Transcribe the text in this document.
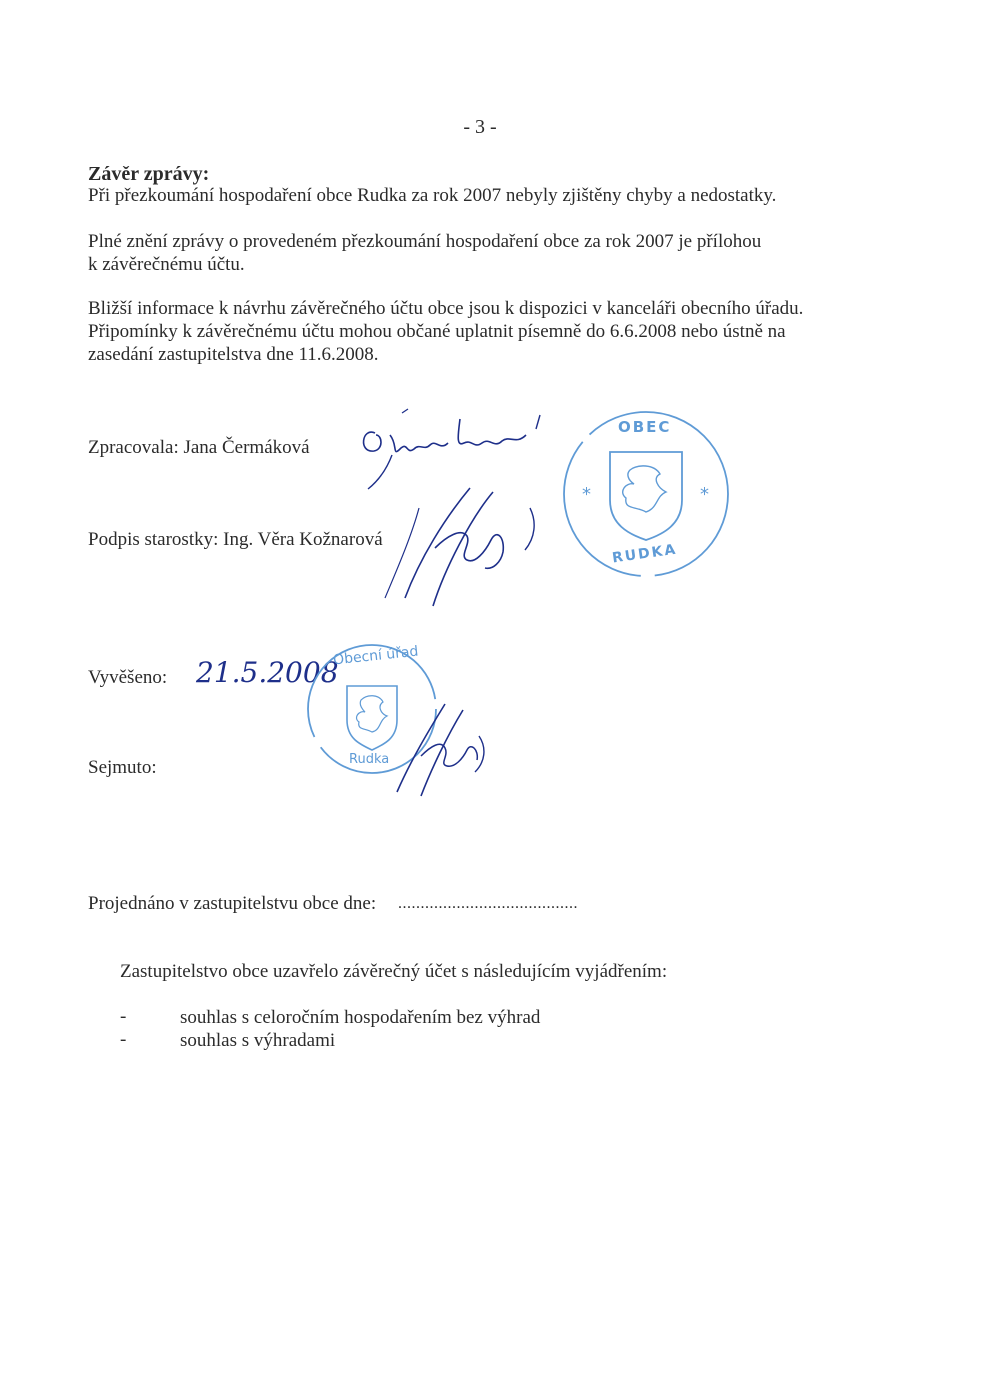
- 3 -
Závěr zprávy:
Při přezkoumání hospodaření obce Rudka za rok 2007 nebyly zjištěny chyby a nedostatky.
Plné znění zprávy o provedeném přezkoumání hospodaření obce za rok 2007 je přílohou
k závěrečnému účtu.
Bližší informace k návrhu závěrečného účtu obce jsou k dispozici v kanceláři obecního úřadu.
Připomínky k závěrečnému účtu mohou občané uplatnit písemně do 6.6.2008 nebo ústně na
zasedání zastupitelstva dne 11.6.2008.
Zpracovala: Jana Čermáková
*	*
OBEC
RUDKA
Podpis starostky: Ing. Věra Kožnarová
Vyvěšeno: 21.5.2008
Obecní úřad
Rudka
Sejmuto:
Projednáno v zastupitelstvu obce dne: ........................................
Zastupitelstvo obce uzavřelo závěrečný účet s následujícím vyjádřením:
-	souhlas s celoročním hospodařením bez výhrad
-	souhlas s výhradami
